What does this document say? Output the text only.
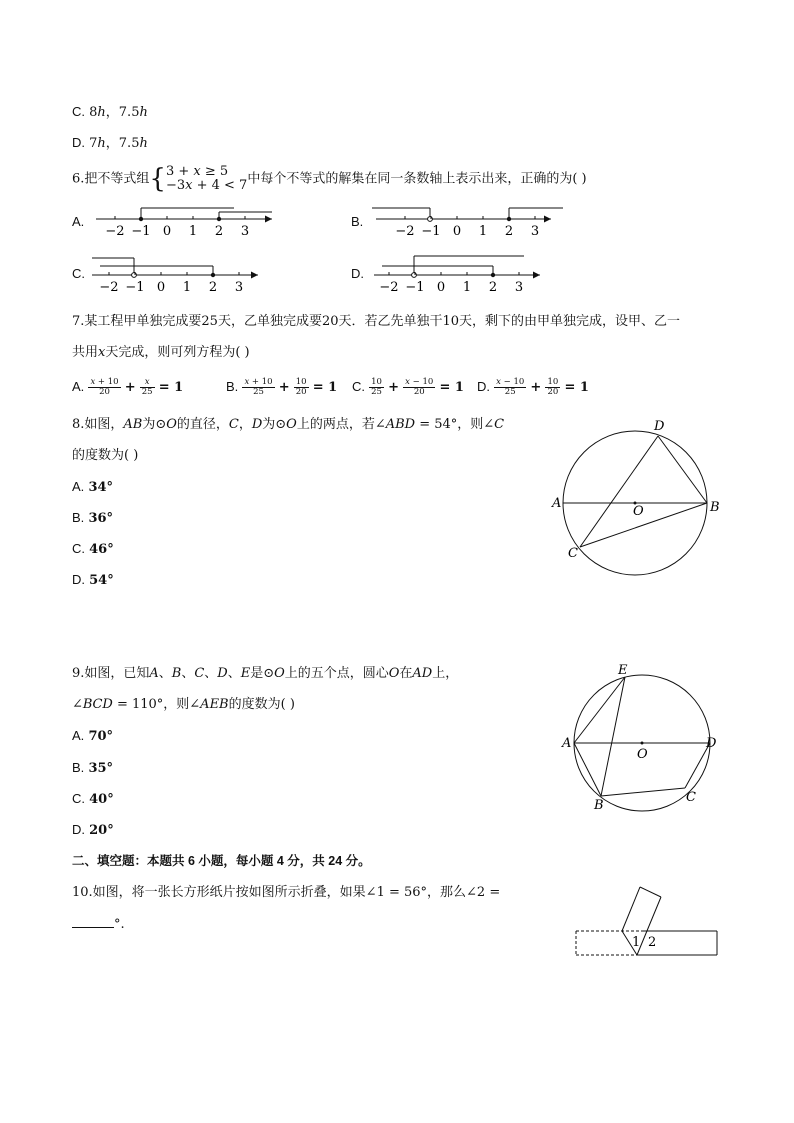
C. 8ℎ，7.5ℎ
D. 7ℎ，7.5ℎ
6.把不等式组{ 3 + 𝑥 ≥ 5
−3𝑥 + 4 < 7 中每个不等式的解集在同一条数轴上表示出来，正确的为( )
A.	B.
C.	D.
−2 −1 0 1 2 3	−2 −1 0 1 2 3
−2 −1 0 1 2 3	−2 −1 0 1 2 3
7.某工程甲单独完成要25天，乙单独完成要20天．若乙先单独干10天，剩下的由甲单独完成，设甲、乙一
共用𝑥天完成，则可列方程为( )
A. $\frac{\text{𝑥 + 10}}{20} + \frac{\text{𝑥}}{25} = 1$	B. $\frac{\text{𝑥 + 10}}{25} + \frac{10}{20} = 1$ C. $\frac{10}{25} + \frac{\text{𝑥 − 10}}{20} = 1$ D. $\frac{\text{𝑥 − 10}}{25} + \frac{10}{20} = 1$
8.如图，𝐴𝐵为⊙𝑂的直径，𝐶，𝐷为⊙𝑂上的两点，若∠𝐴𝐵𝐷 = 54°，则∠𝐶
的度数为( )
A. 34°
B. 36°
C. 46°
D. 54°
A	B
C
D
O
9.如图，已知𝐴、𝐵、𝐶、𝐷、𝐸是⊙𝑂上的五个点，圆心𝑂在𝐴𝐷上，
∠𝐵𝐶𝐷 = 110°，则∠𝐴𝐸𝐵的度数为( )
A. 70°
B. 35°
C. 40°
D. 20°
A
B
C
D
E
O
二、填空题：本题共 6 小题，每小题 4 分，共 24 分。
10.如图，将一张长方形纸片按如图所示折叠，如果∠1 = 56°，那么∠2 =
°.
1 2
